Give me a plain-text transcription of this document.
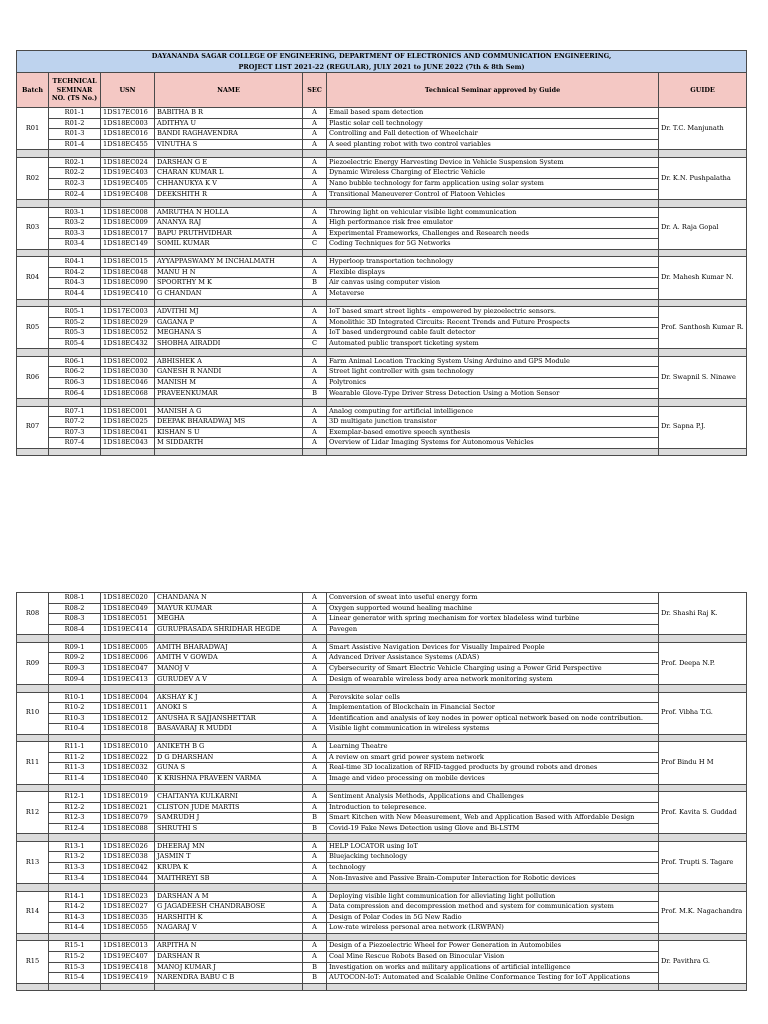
DAYANANDA SAGAR COLLEGE OF ENGINEERING, DEPARTMENT OF ELECTRONICS AND COMMUNICATION ENGINEERING,
PROJECT LIST 2021-22 (REGULAR), JULY 2021 to JUNE 2022 (7th & 8th Sem)						

Batch	TECHNICAL SEMINAR NO. (TS No.)	USN	NAME	SEC	Technical Seminar approved by Guide	GUIDE
R01	R01-1	1DS17EC016	BABITHA B R	A	Email based spam detection	Dr. T.C. Manjunath
	R01-2	1DS18EC003	ADITHYA U	A	Plastic solar cell technology	
	R01-3	1DS18EC016	BANDI RAGHAVENDRA	A	Controlling and Fall detection of Wheelchair	
	R01-4	1DS18EC455	VINUTHA S	A	A seed planting robot with two control variables	

R02	R02-1	1DS18EC024	DARSHAN G E	A	Piezoelectric Energy Harvesting Device in Vehicle Suspension System	Dr. K.N. Pushpalatha
	R02-2	1DS19EC403	CHARAN KUMAR L	A	Dynamic Wireless Charging of Electric Vehicle	
	R02-3	1DS19EC405	CHHANUKYA K V	A	Nano bubble technology for farm application using solar system	
	R02-4	1DS19EC408	DEEKSHITH R	A	Transitional Maneuverer Control of Platoon Vehicles	

R03	R03-1	1DS18EC008	AMRUTHA N HOLLA	A	Throwing light on vehicular visible light communication	Dr. A. Raja Gopal
	R03-2	1DS18EC009	ANANYA RAJ	A	High performance risk free emulator	
	R03-3	1DS18EC017	BAPU PRUTHVIDHAR	A	Experimental Frameworks, Challenges and Research needs	
	R03-4	1DS18EC149	SOMIL KUMAR	C	Coding Techniques for 5G Networks	

R04	R04-1	1DS18EC015	AYYAPPASWAMY M INCHALMATH	A	Hyperloop transportation technology	Dr. Mahesh Kumar N.
	R04-2	1DS18EC048	MANU H N	A	Flexible displays	
	R04-3	1DS18EC090	SPOORTHY M K	B	Air canvas using computer vision	
	R04-4	1DS19EC410	G CHANDAN	A	Metaverse	

R05	R05-1	1DS17EC003	ADVITHI MJ	A	IoT based smart street lights - empowered by piezoelectric sensors.	Prof. Santhosh Kumar R.
	R05-2	1DS18EC029	GAGANA P	A	Monolithic 3D Integrated Circuits: Recent Trends and Future Prospects	
	R05-3	1DS18EC052	MEGHANA S	A	IoT based underground cable fault detector	
	R05-4	1DS18EC432	SHOBHA AIRADDI	C	Automated public transport ticketing system	

R06	R06-1	1DS18EC002	ABHISHEK A	A	Farm Animal Location Tracking System Using Arduino and GPS Module	Dr. Swapnil S. Ninawe
	R06-2	1DS18EC030	GANESH R NANDI	A	Street light controller with gsm technology	
	R06-3	1DS18EC046	MANISH M	A	Polytronics	
	R06-4	1DS18EC068	PRAVEENKUMAR	B	Wearable Glove-Type Driver Stress Detection Using a Motion Sensor	

R07	R07-1	1DS18EC001	MANISH A G	A	Analog computing for artificial intelligence	Dr. Sapna P.J.
	R07-2	1DS18EC025	DEEPAK BHARADWAJ MS	A	3D multigate junction transistor	
	R07-3	1DS18EC041	KISHAN S U	A	Exemplar-based emotive speech synthesis	
	R07-4	1DS18EC043	M SIDDARTH	A	Overview of Lidar Imaging Systems for Autonomous Vehicles	

R08	R08-1	1DS18EC020	CHANDANA N	A	Conversion of sweat into useful energy form	Dr. Shashi Raj K.
	R08-2	1DS18EC049	MAYUR KUMAR	A	Oxygen supported wound healing machine	
	R08-3	1DS18EC051	MEGHA	A	Linear generator with spring mechanism for vortex bladeless wind turbine	
	R08-4	1DS19EC414	GURUPRASADA SHRIDHAR HEGDE	A	Pavegen	

R09	R09-1	1DS18EC005	AMITH BHARADWAJ	A	Smart Assistive Navigation Devices for Visually Impaired People	Prof. Deepa N.P.
	R09-2	1DS18EC006	AMITH V GOWDA	A	Advanced Driver Assistance Systems (ADAS)	
	R09-3	1DS18EC047	MANOJ V	A	Cybersecurity of Smart Electric Vehicle Charging using a Power Grid Perspective	
	R09-4	1DS19EC413	GURUDEV A V	A	Design of wearable wireless body area network monitoring system	

R10	R10-1	1DS18EC004	AKSHAY K J	A	Perovskite solar cells	Prof. Vibha T.G.
	R10-2	1DS18EC011	ANOKI S	A	Implementation of Blockchain in Financial Sector	
	R10-3	1DS18EC012	ANUSHA R SAJJANSHETTAR	A	Identification and analysis of key nodes in power optical network based on node contribution.	
	R10-4	1DS18EC018	BASAVARAJ R MUDDI	A	Visible light communication in wireless systems	

R11	R11-1	1DS18EC010	ANIKETH B G	A	Learning Theatre	Prof Bindu H M
	R11-2	1DS18EC022	D G DHARSHAN	A	A review on smart grid power system network	
	R11-3	1DS18EC032	GUNA S	A	Real-time 3D localization of RFID-tagged products by ground robots and drones	
	R11-4	1DS18EC040	K KRISHNA PRAVEEN VARMA	A	Image and video processing on mobile devices	

R12	R12-1	1DS18EC019	CHAITANYA KULKARNI	A	Sentiment Analysis Methods, Applications and Challenges	Prof. Kavita S. Guddad
	R12-2	1DS18EC021	CLISTON JUDE MARTIS	A	Introduction to telepresence.	
	R12-3	1DS18EC079	SAMRUDH J	B	Smart Kitchen with New Measurement, Web and Application Based with Affordable Design	
	R12-4	1DS18EC088	SHRUTHI S	B	Covid-19 Fake News Detection using Glove and Bi-LSTM	

R13	R13-1	1DS18EC026	DHEERAJ MN	A	HELP LOCATOR using IoT	Prof. Trupti S. Tagare
	R13-2	1DS18EC038	JASMIN T	A	Bluejacking technology	
	R13-3	1DS18EC042	KRUPA K	A	technology	
	R13-4	1DS18EC044	MAITHREYI SB	A	Non-Invasive and Passive Brain-Computer Interaction for Robotic devices	

R14	R14-1	1DS18EC023	DARSHAN A M	A	Deploying visible light communication for alleviating light pollution	Prof. M.K. Nagachandra
	R14-2	1DS18EC027	G JAGADEESH CHANDRABOSE	A	Data compression and decompression method and system for communication system	
	R14-3	1DS18EC035	HARSHITH K	A	Design of Polar Codes in 5G New Radio	
	R14-4	1DS18EC055	NAGARAJ V	A	Low-rate wireless personal area network (LRWPAN)	

R15	R15-1	1DS18EC013	ARPITHA N	A	Design of a Piezoelectric Wheel for Power Generation in Automobiles	Dr. Pavithra G.
	R15-2	1DS19EC407	DARSHAN R	A	Coal Mine Rescue Robots Based on Binocular Vision	
	R15-3	1DS19EC418	MANOJ KUMAR J	B	Investigation on works and military applications of artificial intelligence	
	R15-4	1DS19EC419	NARENDRA BABU C B	B	AUTOCON-IoT: Automated and Scalable Online Conformance Testing for IoT Applications	
